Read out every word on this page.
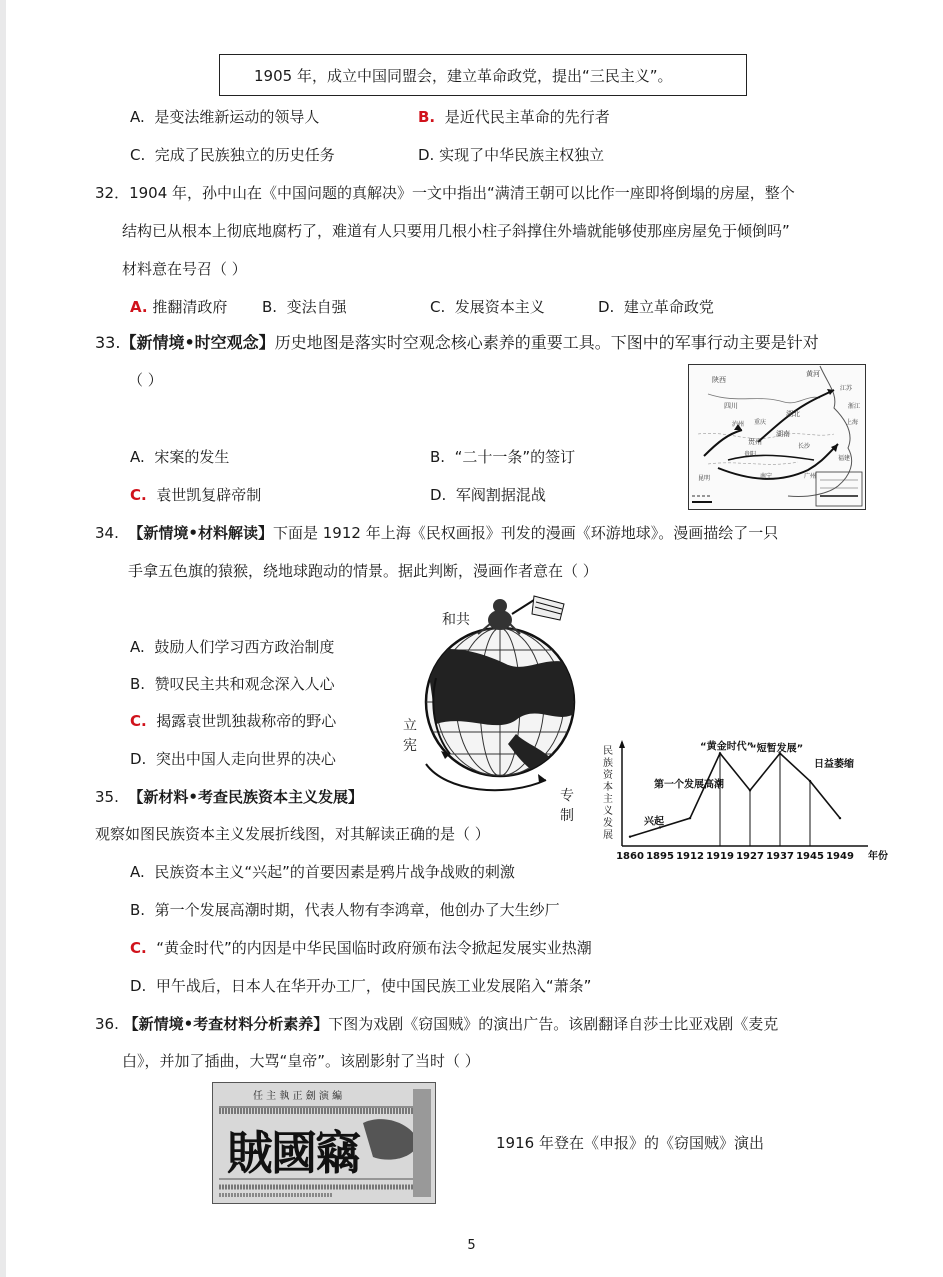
1905 年，成立中国同盟会，建立革命政党，提出“三民主义”。
A. 是变法维新运动的领导人	B. 是近代民主革命的先行者
C. 完成了民族独立的历史任务	D. 实现了中华民族主权独立
32．1904 年，孙中山在《中国问题的真解决》一文中指出“满清王朝可以比作一座即将倒塌的房屋，整个
结构已从根本上彻底地腐朽了，难道有人只要用几根小柱子斜撑住外墙就能够使那座房屋免于倾倒吗”
材料意在号召（ ）
A. 推翻清政府 B. 变法自强	C. 发展资本主义	D. 建立革命政党
33.【新情境•时空观念】历史地图是落实时空观念核心素养的重要工具。下图中的军事行动主要是针对
（ ）	陕西
黄河
四川
湖北
湖南
重庆
泸州
贵州
贵阳
昆明	南宁	广州
长沙
浙江
江苏
福建
上海
A. 宋案的发生	B. “二十一条”的签订
C. 袁世凯复辟帝制	D. 军阀割据混战
34. 【新情境•材料解读】下面是 1912 年上海《民权画报》刊发的漫画《环游地球》。漫画描绘了一只
手拿五色旗的猿猴，绕地球跑动的情景。据此判断，漫画作者意在（ ）
和共
立宪
专制
A. 鼓励人们学习西方政治制度
B. 赞叹民主共和观念深入人心
C. 揭露袁世凯独裁称帝的野心
D. 突出中国人走向世界的决心	民
族
资
本
主
义
发
展
1860 1895 1912 1919 1927 1937 1945 1949 年份
兴起
第一个发展高潮
“黄金时代”
“短暂发展”
日益萎缩
35. 【新材料•考查民族资本主义发展】
观察如图民族资本主义发展折线图，对其解读正确的是（ ）
A. 民族资本主义“兴起”的首要因素是鸦片战争战败的刺激
B. 第一个发展高潮时期，代表人物有李鸿章，他创办了大生纱厂
C. “黄金时代”的内因是中华民国临时政府颁布法令掀起发展实业热潮
D. 甲午战后，日本人在华开办工厂，使中国民族工业发展陷入“萧条”
36. 【新情境•考查材料分析素养】下图为戏剧《窃国贼》的演出广告。该剧翻译自莎士比亚戏剧《麦克
白》，并加了插曲，大骂“皇帝”。该剧影射了当时（ ）
任 主 執 正 劍 演 編
賊國竊	1916 年登在《申报》的《窃国贼》演出
5
